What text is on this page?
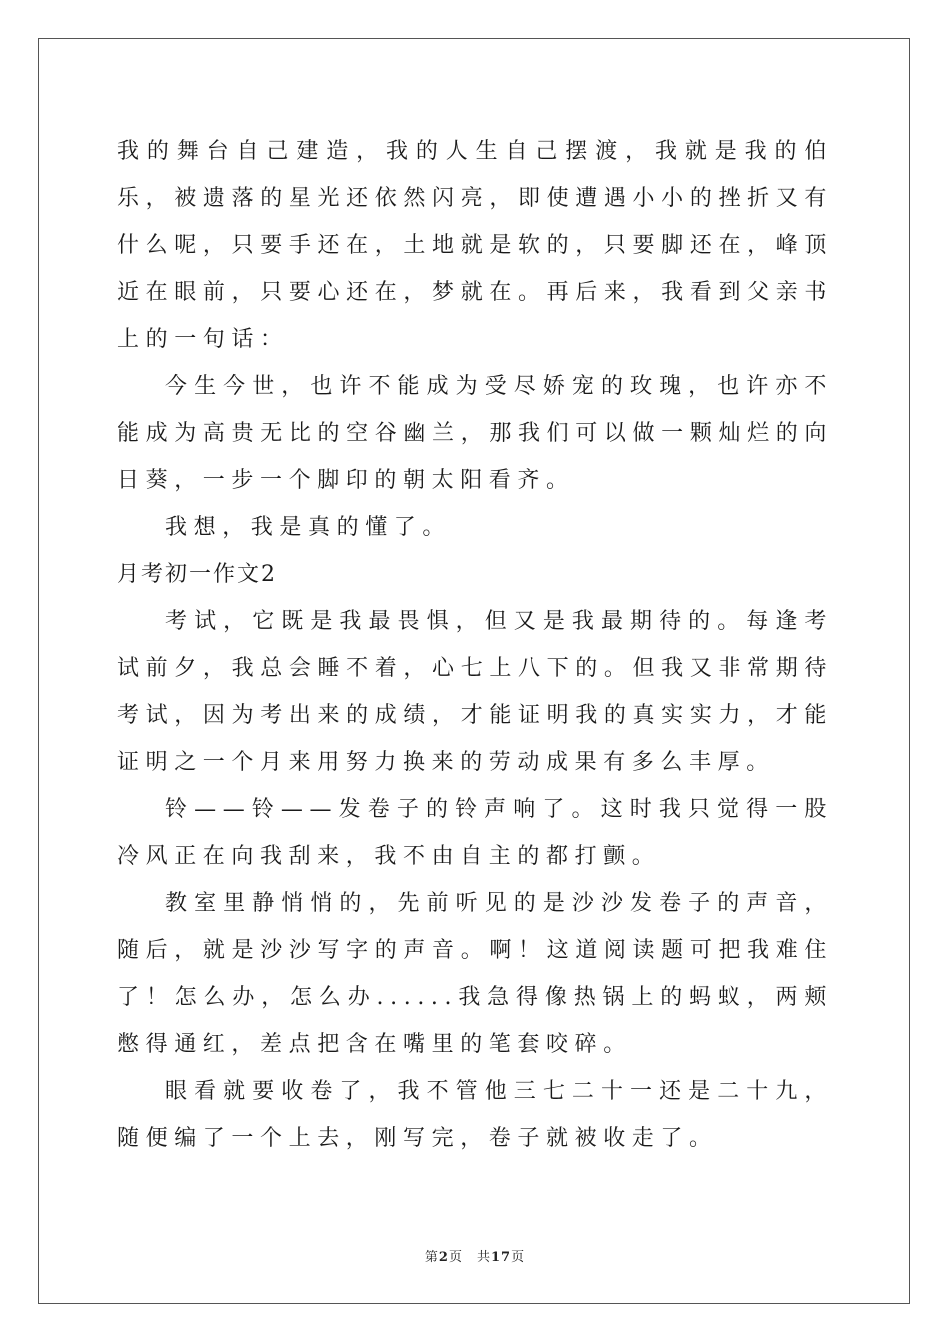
我的舞台自己建造，我的人生自己摆渡，我就是我的伯乐，被遗落的星光还依然闪亮，即使遭遇小小的挫折又有什么呢，只要手还在，土地就是软的，只要脚还在，峰顶近在眼前，只要心还在，梦就在。再后来，我看到父亲书上的一句话：

今生今世，也许不能成为受尽娇宠的玫瑰，也许亦不能成为高贵无比的空谷幽兰，那我们可以做一颗灿烂的向日葵，一步一个脚印的朝太阳看齐。

我想，我是真的懂了。

月考初一作文2

考试，它既是我最畏惧，但又是我最期待的。每逢考试前夕，我总会睡不着，心七上八下的。但我又非常期待考试，因为考出来的成绩，才能证明我的真实实力，才能证明之一个月来用努力换来的劳动成果有多么丰厚。

铃——铃——发卷子的铃声响了。这时我只觉得一股冷风正在向我刮来，我不由自主的都打颤。

教室里静悄悄的，先前听见的是沙沙发卷子的声音，随后，就是沙沙写字的声音。啊！这道阅读题可把我难住了！怎么办，怎么办......我急得像热锅上的蚂蚁，两颊憋得通红，差点把含在嘴里的笔套咬碎。

眼看就要收卷了，我不管他三七二十一还是二十九，随便编了一个上去，刚写完，卷子就被收走了。

第2页 共17页
